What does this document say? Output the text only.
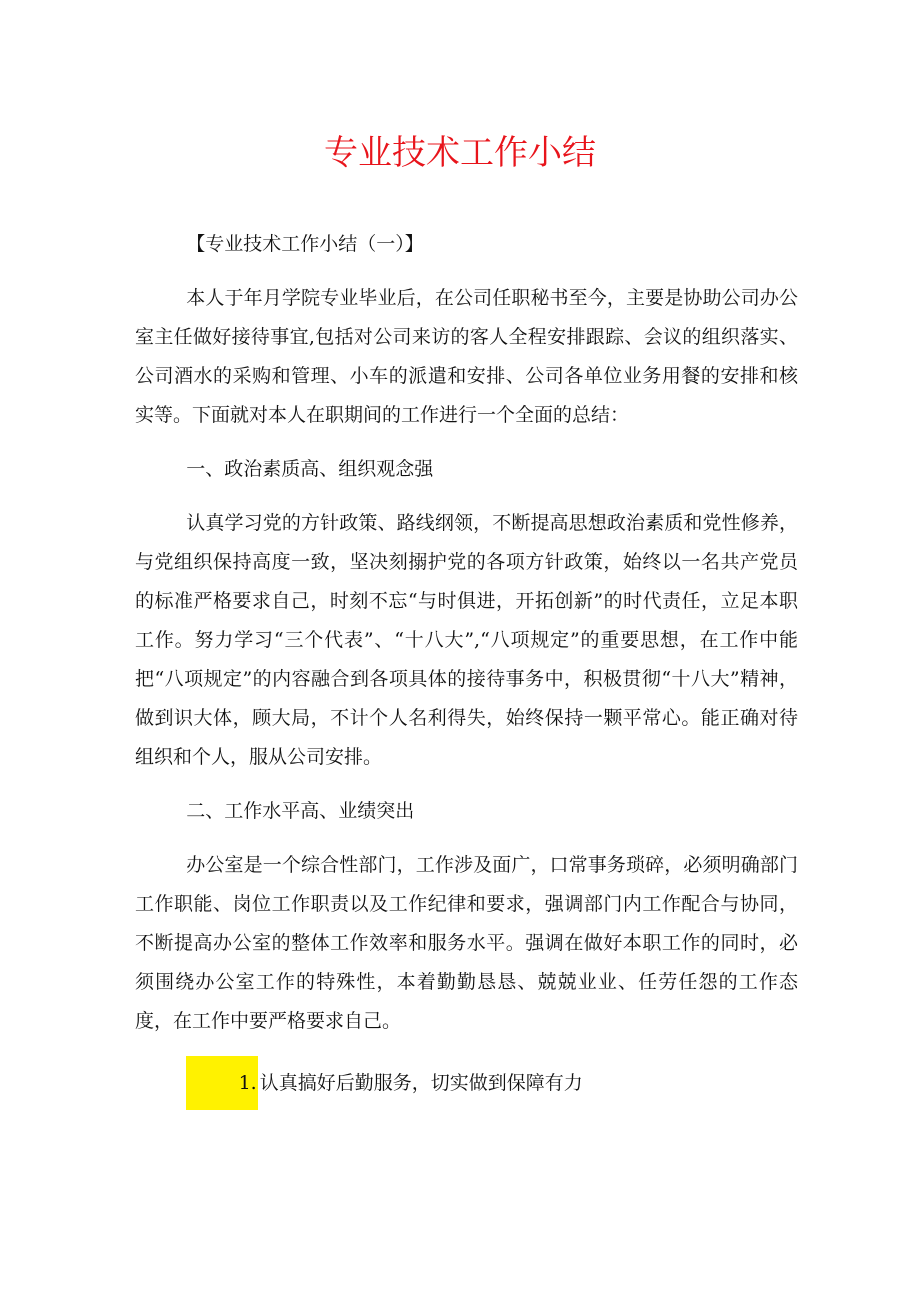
专业技术工作小结

【专业技术工作小结（一）】

本人于年月学院专业毕业后，在公司任职秘书至今，主要是协助公司办公室主任做好接待事宜,包括对公司来访的客人全程安排跟踪、会议的组织落实、公司酒水的采购和管理、小车的派遣和安排、公司各单位业务用餐的安排和核实等。下面就对本人在职期间的工作进行一个全面的总结：

一、政治素质高、组织观念强

认真学习党的方针政策、路线纲领，不断提高思想政治素质和党性修养，与党组织保持高度一致，坚决刻搦护党的各项方针政策，始终以一名共产党员的标准严格要求自己，时刻不忘“与时俱进，开拓创新”的时代责任，立足本职工作。努力学习“三个代表”、“十八大”,“八项规定”的重要思想，在工作中能把“八项规定”的内容融合到各项具体的接待事务中，积极贯彻“十八大”精神，做到识大体，顾大局，不计个人名利得失，始终保持一颗平常心。能正确对待组织和个人，服从公司安排。

二、工作水平高、业绩突出

办公室是一个综合性部门，工作涉及面广，口常事务琐碎，必须明确部门工作职能、岗位工作职责以及工作纪律和要求，强调部门内工作配合与协同，不断提高办公室的整体工作效率和服务水平。强调在做好本职工作的同时，必须围绕办公室工作的特殊性，本着勤勤恳恳、兢兢业业、任劳任怨的工作态度，在工作中要严格要求自己。

1. 认真搞好后勤服务，切实做到保障有力
